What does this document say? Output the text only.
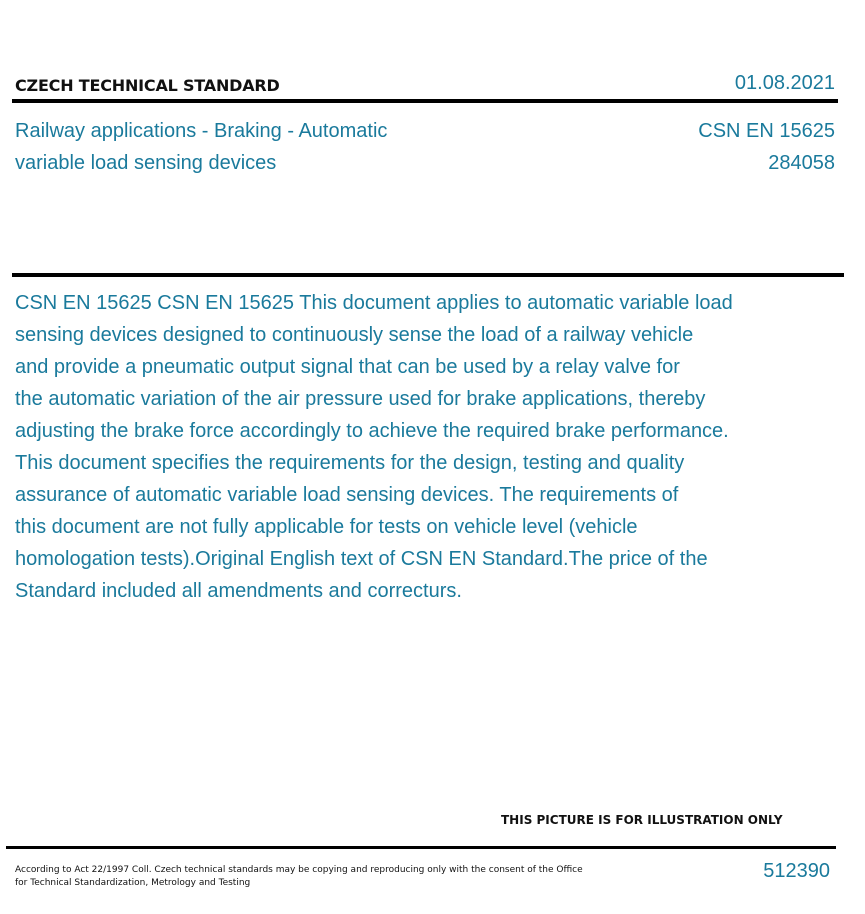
CZECH TECHNICAL STANDARD	01.08.2021
Railway applications - Braking - Automatic
variable load sensing devices
CSN EN 15625
284058
CSN EN 15625 CSN EN 15625 This document applies to automatic variable load
sensing devices designed to continuously sense the load of a railway vehicle
and provide a pneumatic output signal that can be used by a relay valve for
the automatic variation of the air pressure used for brake applications, thereby
adjusting the brake force accordingly to achieve the required brake performance.
This document specifies the requirements for the design, testing and quality
assurance of automatic variable load sensing devices. The requirements of
this document are not fully applicable for tests on vehicle level (vehicle
homologation tests).Original English text of CSN EN Standard.The price of the
Standard included all amendments and correcturs.
THIS PICTURE IS FOR ILLUSTRATION ONLY
According to Act 22/1997 Coll. Czech technical standards may be copying and reproducing only with the consent of the Office
for Technical Standardization, Metrology and Testing
512390
